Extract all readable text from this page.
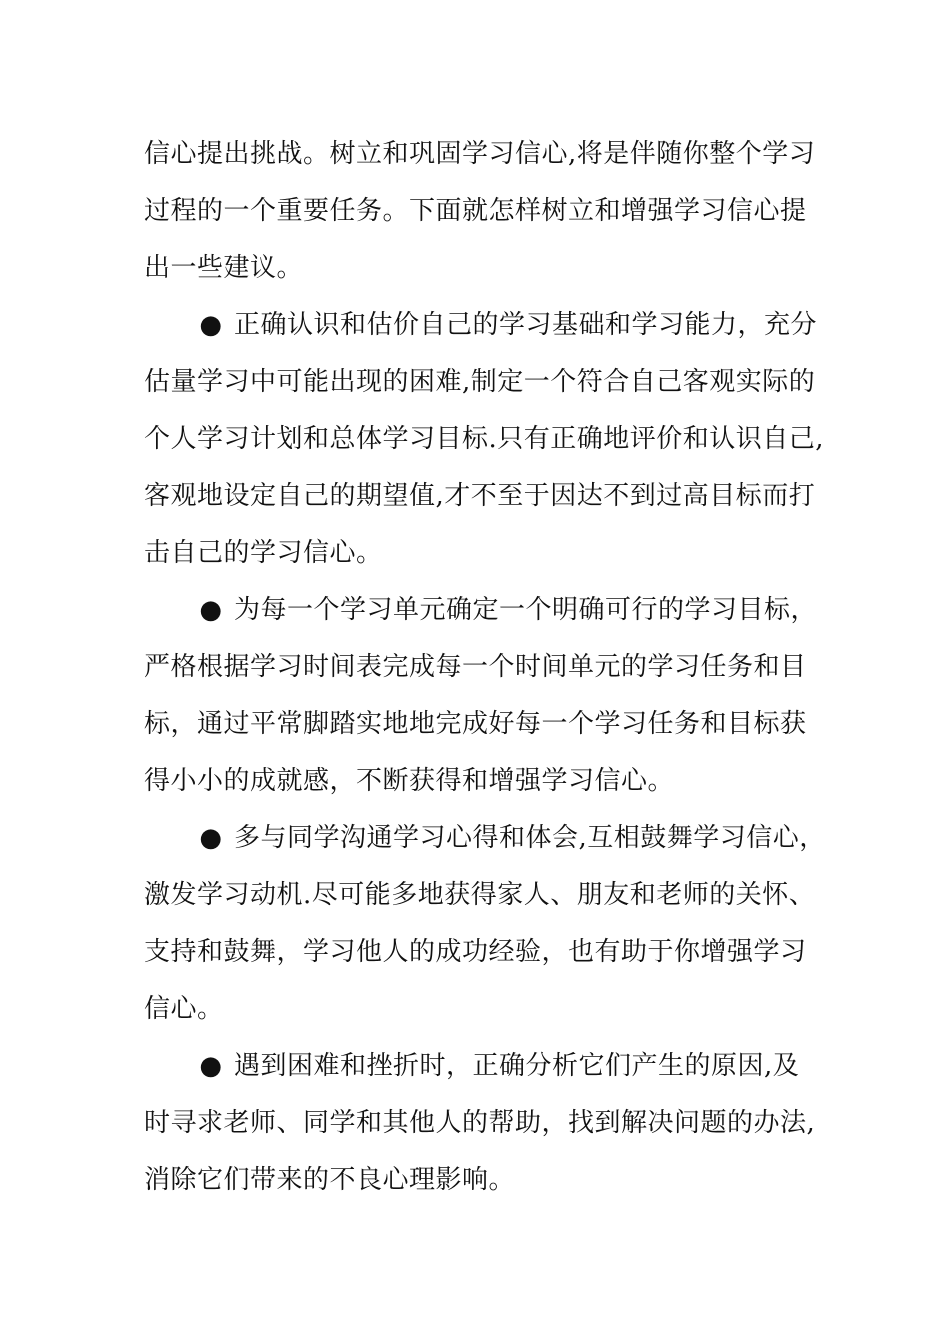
信心提出挑战。树立和巩固学习信心,将是伴随你整个学习
过程的一个重要任务。下面就怎样树立和增强学习信心提
出一些建议。

● 正确认识和估价自己的学习基础和学习能力，充分
估量学习中可能出现的困难,制定一个符合自己客观实际的
个人学习计划和总体学习目标.只有正确地评价和认识自己,
客观地设定自己的期望值,才不至于因达不到过高目标而打
击自己的学习信心。

● 为每一个学习单元确定一个明确可行的学习目标，
严格根据学习时间表完成每一个时间单元的学习任务和目
标，通过平常脚踏实地地完成好每一个学习任务和目标获
得小小的成就感，不断获得和增强学习信心。

● 多与同学沟通学习心得和体会,互相鼓舞学习信心，
激发学习动机.尽可能多地获得家人、朋友和老师的关怀、
支持和鼓舞，学习他人的成功经验，也有助于你增强学习
信心。

● 遇到困难和挫折时，正确分析它们产生的原因,及
时寻求老师、同学和其他人的帮助，找到解决问题的办法,
消除它们带来的不良心理影响。
